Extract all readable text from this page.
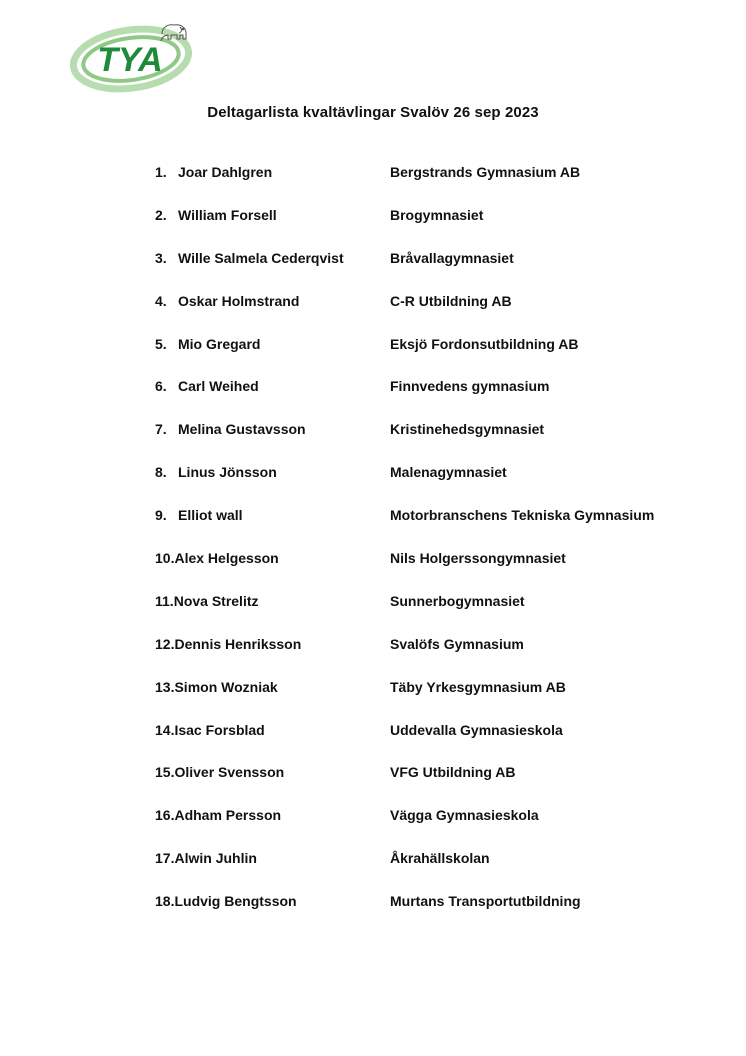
TYA
Deltagarlista kvaltävlingar Svalöv 26 sep 2023
1. Joar Dahlgren	Bergstrands Gymnasium AB
2. William Forsell	Brogymnasiet
3. Wille Salmela Cederqvist	Bråvallagymnasiet
4. Oskar Holmstrand	C-R Utbildning AB
5. Mio Gregard	Eksjö Fordonsutbildning AB
6. Carl Weihed	Finnvedens gymnasium
7. Melina Gustavsson	Kristinehedsgymnasiet
8. Linus Jönsson	Malenagymnasiet
9. Elliot wall	Motorbranschens Tekniska Gymnasium
10. Alex Helgesson	Nils Holgerssongymnasiet
11. Nova Strelitz	Sunnerbogymnasiet
12. Dennis Henriksson	Svalöfs Gymnasium
13. Simon Wozniak	Täby Yrkesgymnasium AB
14. Isac Forsblad	Uddevalla Gymnasieskola
15. Oliver Svensson	VFG Utbildning AB
16. Adham Persson	Vägga Gymnasieskola
17. Alwin Juhlin	Åkrahällskolan
18. Ludvig Bengtsson	Murtans Transportutbildning
